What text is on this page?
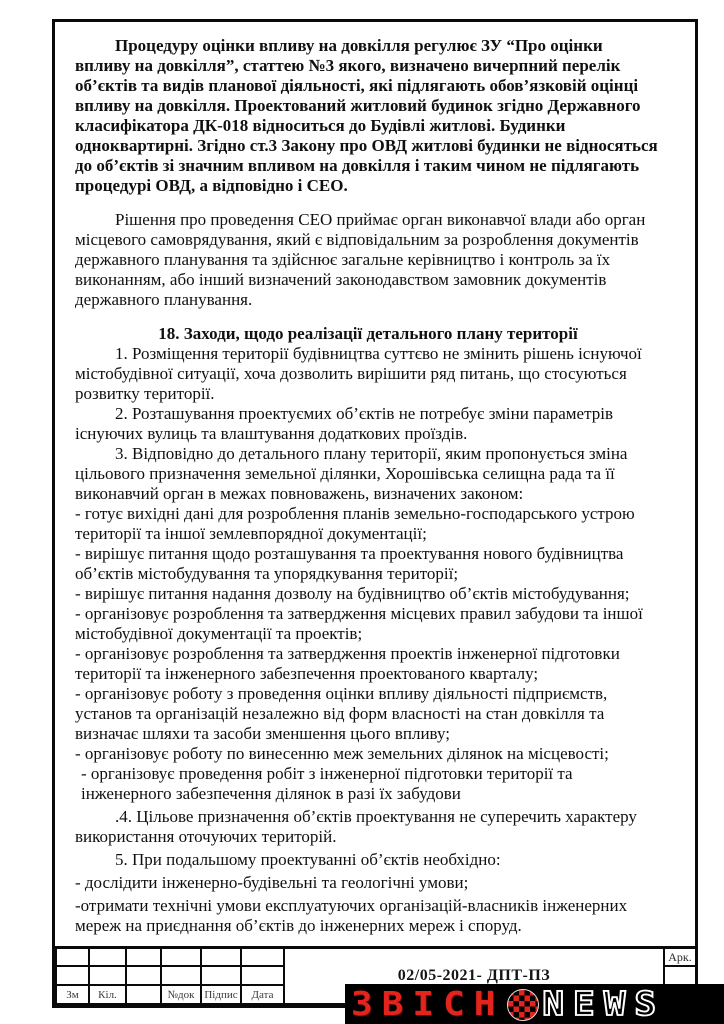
Процедуру оцінки впливу на довкілля регулює ЗУ “Про оцінки впливу на довкілля”, статтею №3 якого, визначено вичерпний перелік об’єктів та видів планової діяльності, які підлягають обов’язковій оцінці впливу на довкілля. Проектований житловий будинок згідно Державного класифікатора ДК-018 відноситься до Будівлі житлові. Будинки одноквартирні. Згідно ст.3 Закону про ОВД житлові будинки не відносяться до об’єктів зі значним впливом на довкілля і таким чином не підлягають процедурі ОВД, а відповідно і СЕО.
Рішення про проведення СЕО приймає орган виконавчої влади або орган місцевого самоврядування, який є відповідальним за розроблення документів державного планування та здійснює загальне керівництво і контроль за їх виконанням, або інший визначений законодавством замовник документів державного планування.
18. Заходи, щодо реалізації детального плану території
1. Розміщення території будівництва суттєво не змінить рішень існуючої містобудівної ситуації, хоча дозволить вирішити ряд питань, що стосуються розвитку території.
2. Розташування проектуємих об’єктів не потребує зміни параметрів існуючих вулиць та влаштування додаткових проїздів.
3. Відповідно до детального плану території, яким пропонується зміна цільового призначення земельної ділянки, Хорошівська селищна рада та її виконавчий орган в межах повноважень, визначених законом:
- готує вихідні дані для розроблення планів земельно-господарського устрою території та іншої землевпорядної документації;
- вирішує питання щодо розташування та проектування нового будівництва об’єктів містобудування та упорядкування території;
- вирішує питання надання дозволу на будівництво об’єктів містобудування;
- організовує розроблення та затвердження місцевих правил забудови та іншої містобудівної документації та проектів;
- організовує розроблення та затвердження проектів інженерної підготовки території та інженерного забезпечення проектованого кварталу;
- організовує роботу з проведення оцінки впливу діяльності підприємств, установ та організацій незалежно від форм власності на стан довкілля та визначає шляхи та засоби зменшення цього впливу;
- організовує роботу по винесенню меж земельних ділянок на місцевості;
- організовує проведення робіт з інженерної підготовки території та інженерного забезпечення ділянок в разі їх забудови
.4. Цільове призначення об’єктів проектування не суперечить характеру використання оточуючих територій.
5. При подальшому проектуванні об’єктів необхідно:
- дослідити інженерно-будівельні та геологічні умови;
-отримати технічні умови експлуатуючих організацій-власників інженерних мереж на приєднання об’єктів до інженерних мереж і споруд.
						02/05-2021- ДПТ-ПЗ	Арк.

Зм	Кіл.		№док	Підпис	Дата		ЗВІСН NEWS
